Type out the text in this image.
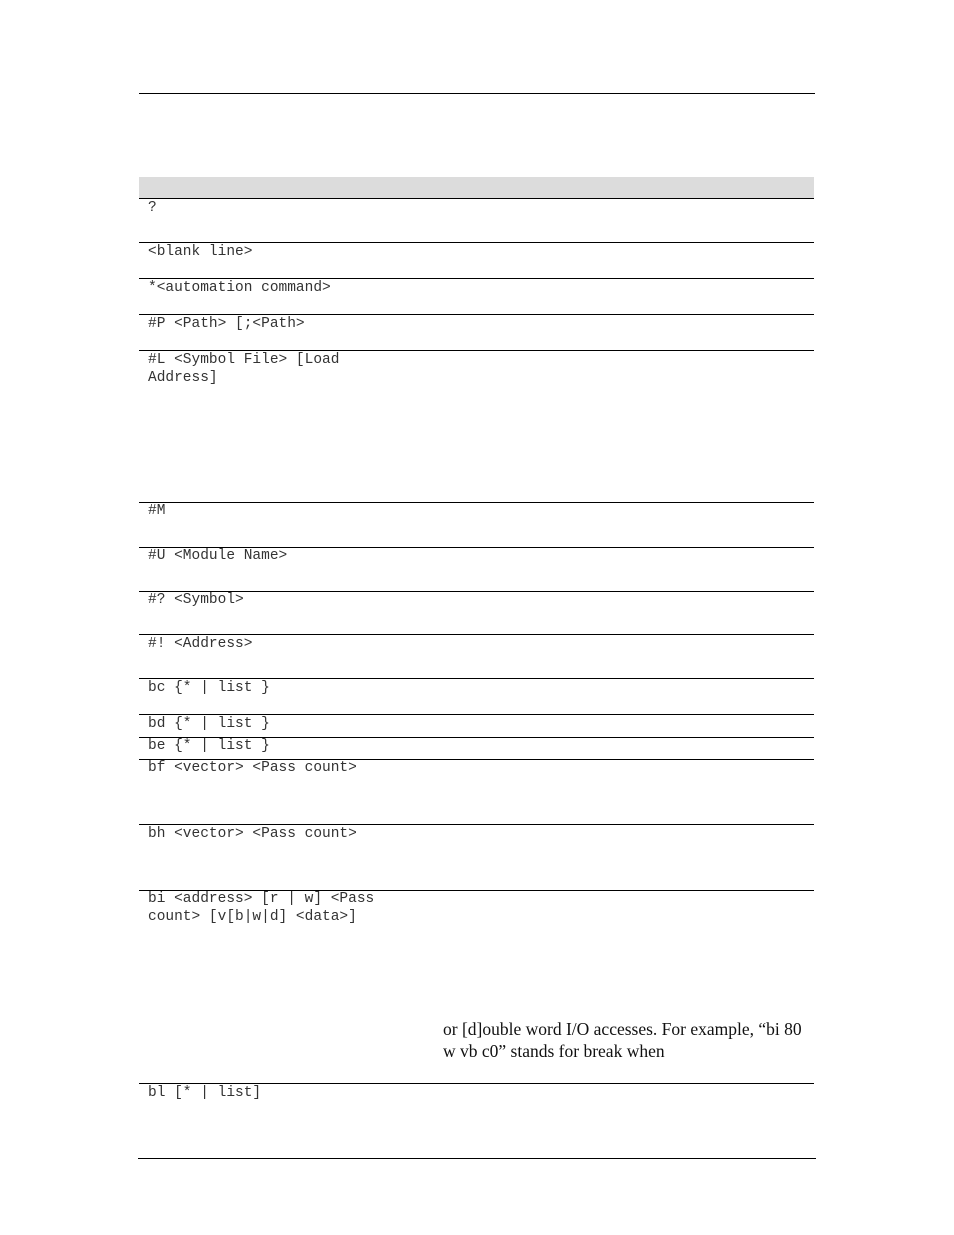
?
<blank line>
*<automation command>
#P <Path> [;<Path>
#L <Symbol File> [Load Address]
#M
#U <Module Name>
#? <Symbol>
#! <Address>
bc {* | list }
bd {* | list }
be {* | list }
bf <vector> <Pass count>
bh <vector> <Pass count>
bi <address> [r | w] <Pass count> [v[b|w|d] <data>]
or [d]ouble word I/O accesses. For example, “bi 80 w vb c0” stands for break when
bl [* | list]
